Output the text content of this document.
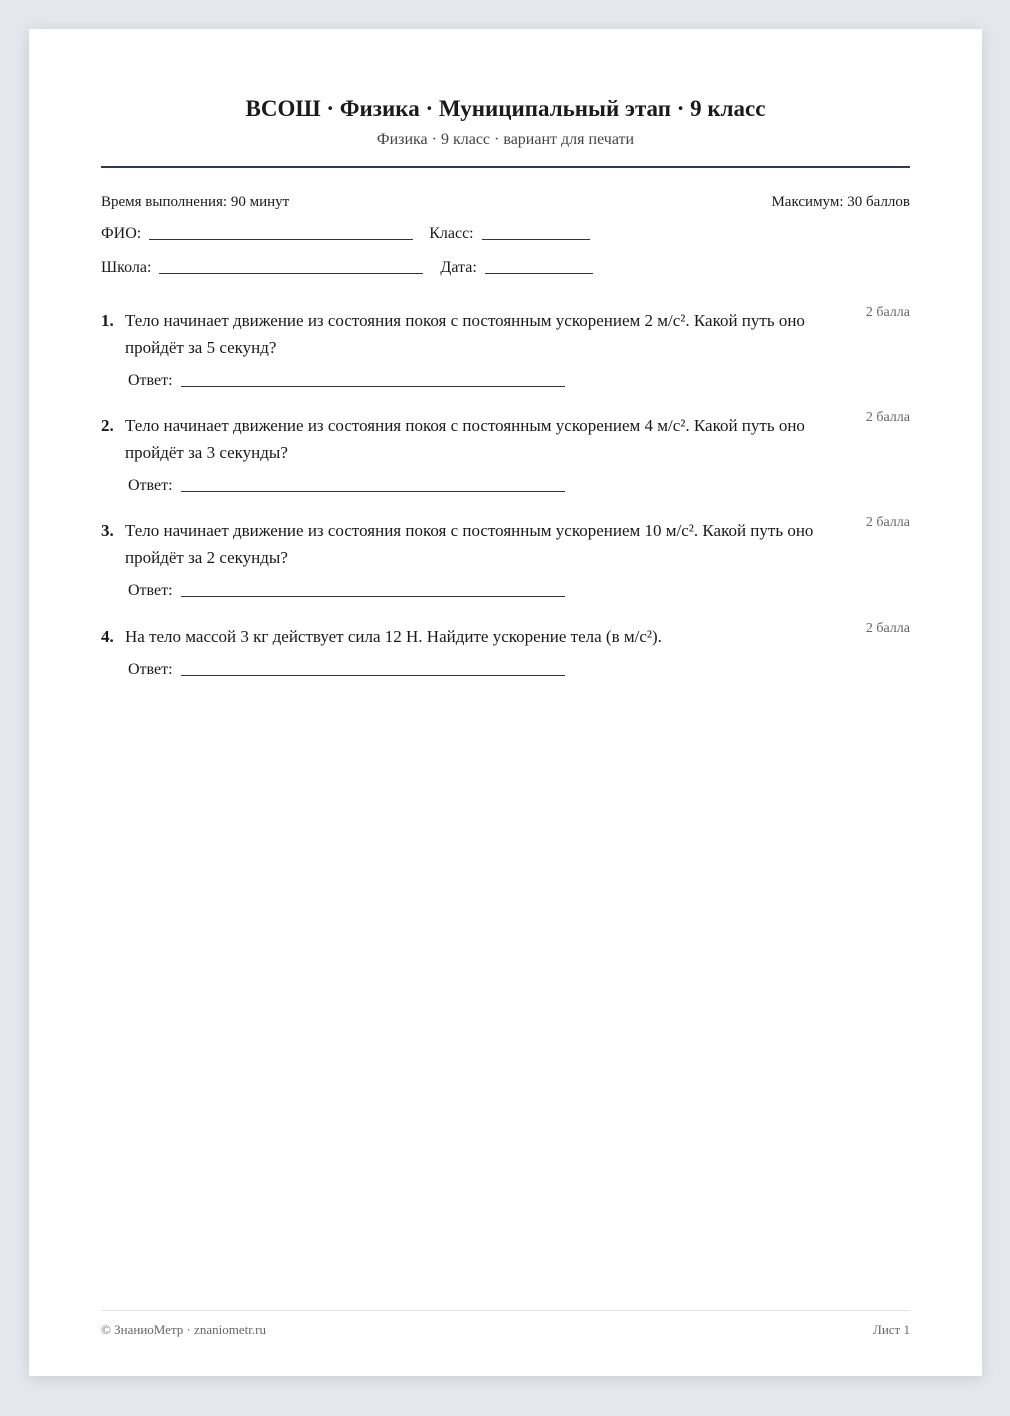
ВСОШ · Физика · Муниципальный этап · 9 класс
Физика · 9 класс · вариант для печати
Время выполнения: 90 минут	Максимум: 30 баллов
ФИО:	Класс:
Школа:	Дата:
1. Тело начинает движение из состояния покоя с постоянным ускорением 2 м/с². Какой путь оно пройдёт за 5 секунд?
2 балла
Ответ:
2. Тело начинает движение из состояния покоя с постоянным ускорением 4 м/с². Какой путь оно пройдёт за 3 секунды?
2 балла
Ответ:
3. Тело начинает движение из состояния покоя с постоянным ускорением 10 м/с². Какой путь оно пройдёт за 2 секунды?
2 балла
Ответ:
4. На тело массой 3 кг действует сила 12 Н. Найдите ускорение тела (в м/с²).	2 балла
Ответ:
© ЗнаниоМетр · znaniometr.ru	Лист 1
